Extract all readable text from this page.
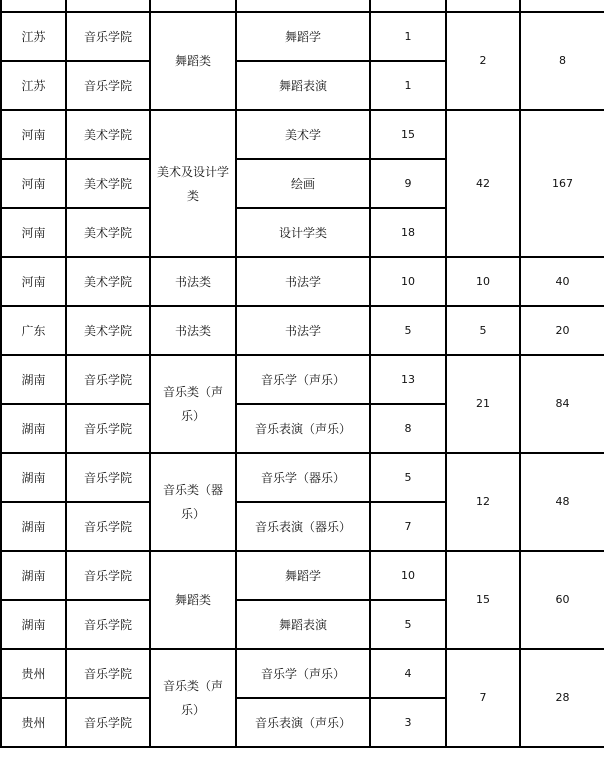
江苏	音乐学院	舞蹈类	舞蹈学	1	2	8
江苏	音乐学院		舞蹈表演	1		
河南	美术学院	美术及设计学类	美术学	15	42	167
河南	美术学院		绘画	9		
河南	美术学院		设计学类	18		
河南	美术学院	书法类	书法学	10	10	40
广东	美术学院	书法类	书法学	5	5	20
湖南	音乐学院	音乐类（声乐）	音乐学（声乐）	13	21	84
湖南	音乐学院		音乐表演（声乐）	8		
湖南	音乐学院	音乐类（器乐）	音乐学（器乐）	5	12	48
湖南	音乐学院		音乐表演（器乐）	7		
湖南	音乐学院	舞蹈类	舞蹈学	10	15	60
湖南	音乐学院		舞蹈表演	5		
贵州	音乐学院	音乐类（声乐）	音乐学（声乐）	4	7	28
贵州	音乐学院		音乐表演（声乐）	3		
